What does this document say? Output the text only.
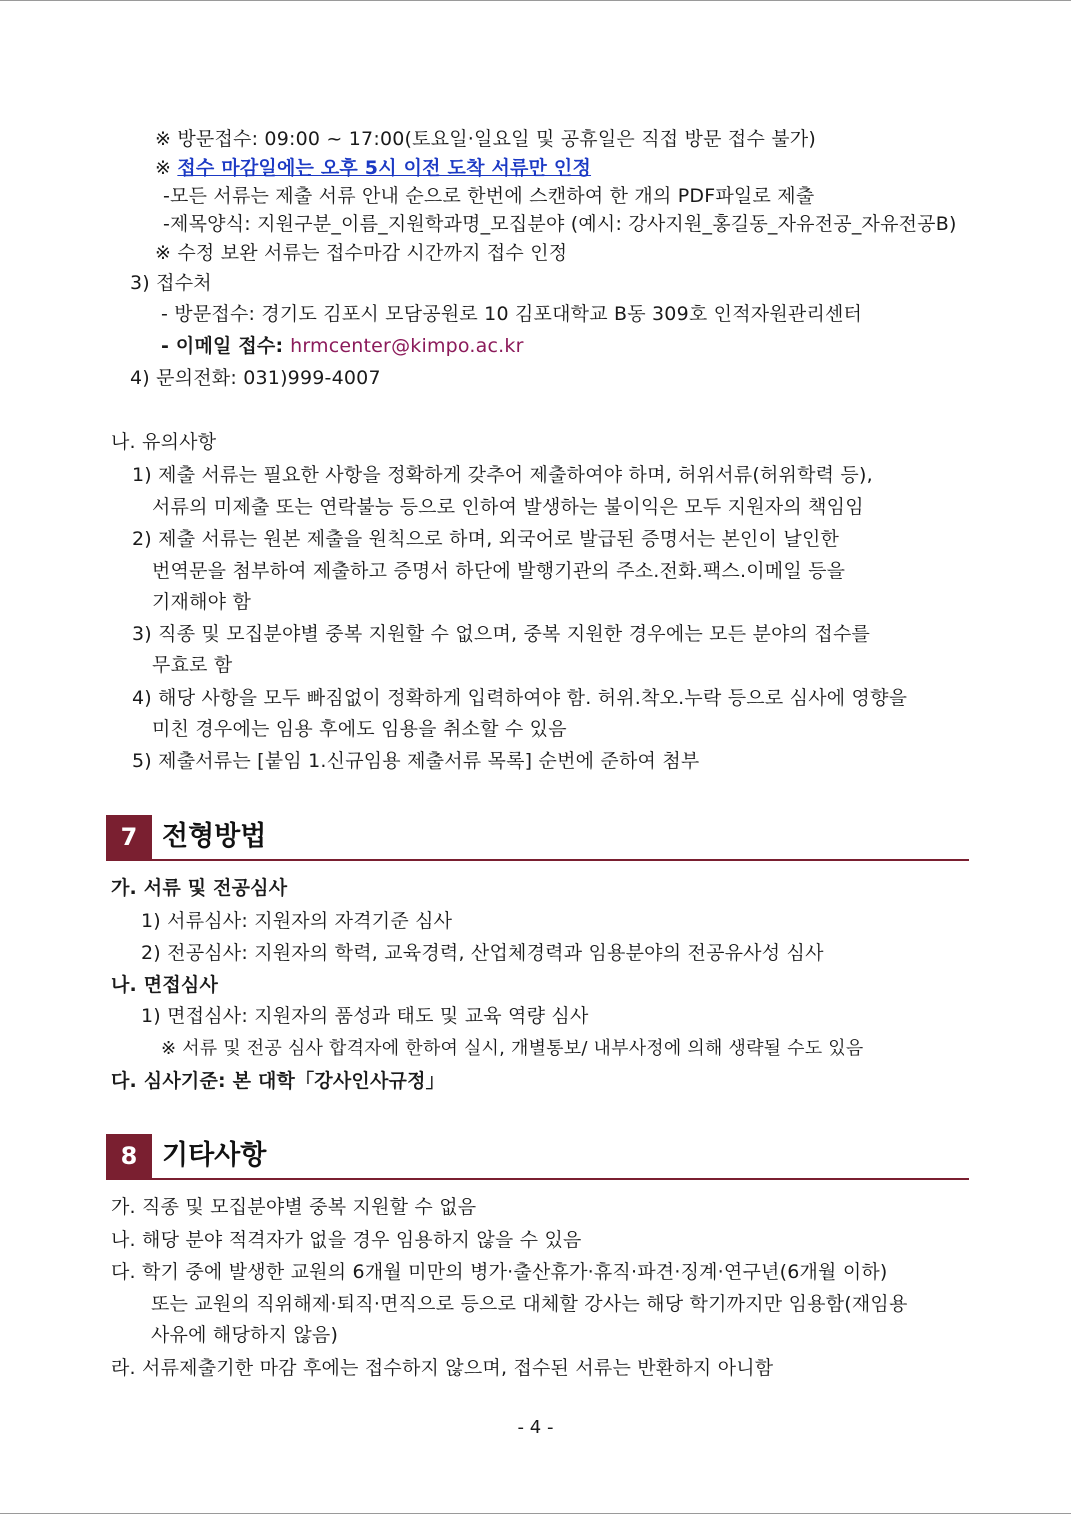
※ 방문접수: 09:00 ~ 17:00(토요일·일요일 및 공휴일은 직접 방문 접수 불가)
※ 접수 마감일에는 오후 5시 이전 도착 서류만 인정
-모든 서류는 제출 서류 안내 순으로 한번에 스캔하여 한 개의 PDF파일로 제출
-제목양식: 지원구분_이름_지원학과명_모집분야 (예시: 강사지원_홍길동_자유전공_자유전공B)
※ 수정 보완 서류는 접수마감 시간까지 접수 인정
3) 접수처
- 방문접수: 경기도 김포시 모담공원로 10 김포대학교 B동 309호 인적자원관리센터
- 이메일 접수: hrmcenter@kimpo.ac.kr
4) 문의전화: 031)999-4007
나. 유의사항
1) 제출 서류는 필요한 사항을 정확하게 갖추어 제출하여야 하며, 허위서류(허위학력 등),
서류의 미제출 또는 연락불능 등으로 인하여 발생하는 불이익은 모두 지원자의 책임임
2) 제출 서류는 원본 제출을 원칙으로 하며, 외국어로 발급된 증명서는 본인이 날인한
번역문을 첨부하여 제출하고 증명서 하단에 발행기관의 주소.전화.팩스.이메일 등을
기재해야 함
3) 직종 및 모집분야별 중복 지원할 수 없으며, 중복 지원한 경우에는 모든 분야의 접수를
무효로 함
4) 해당 사항을 모두 빠짐없이 정확하게 입력하여야 함. 허위.착오.누락 등으로 심사에 영향을
미친 경우에는 임용 후에도 임용을 취소할 수 있음
5) 제출서류는 [붙임 1.신규임용 제출서류 목록] 순번에 준하여 첨부
7 전형방법
가. 서류 및 전공심사
1) 서류심사: 지원자의 자격기준 심사
2) 전공심사: 지원자의 학력, 교육경력, 산업체경력과 임용분야의 전공유사성 심사
나. 면접심사
1) 면접심사: 지원자의 품성과 태도 및 교육 역량 심사
※ 서류 및 전공 심사 합격자에 한하여 실시, 개별통보/ 내부사정에 의해 생략될 수도 있음
다. 심사기준: 본 대학「강사인사규정」
8 기타사항
가. 직종 및 모집분야별 중복 지원할 수 없음
나. 해당 분야 적격자가 없을 경우 임용하지 않을 수 있음
다. 학기 중에 발생한 교원의 6개월 미만의 병가·출산휴가·휴직·파견·징계·연구년(6개월 이하)
또는 교원의 직위해제·퇴직·면직으로 등으로 대체할 강사는 해당 학기까지만 임용함(재임용
사유에 해당하지 않음)
라. 서류제출기한 마감 후에는 접수하지 않으며, 접수된 서류는 반환하지 아니함
- 4 -
